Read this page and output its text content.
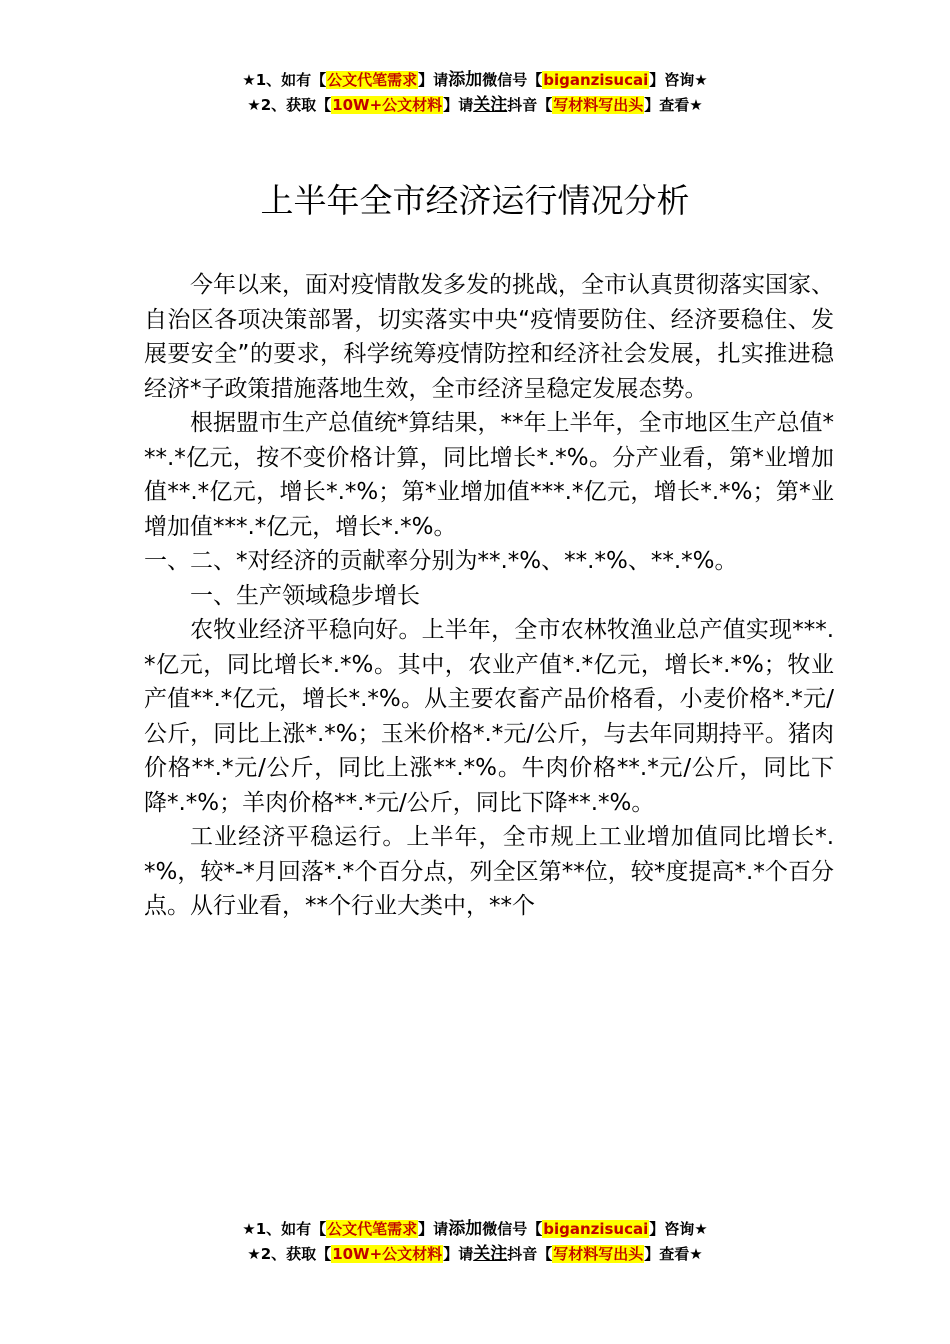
★1、如有【公文代笔需求】请添加微信号【biganzisucai】咨询★
★2、获取【10W+公文材料】请关注抖音【写材料写出头】查看★
上半年全市经济运行情况分析

今年以来，面对疫情散发多发的挑战，全市认真贯彻落实国家、自治区各项决策部署，切实落实中央“疫情要防住、经济要稳住、发展要安全”的要求，科学统筹疫情防控和经济社会发展，扎实推进稳经济*子政策措施落地生效，全市经济呈稳定发展态势。

根据盟市生产总值统*算结果，**年上半年，全市地区生产总值***.*亿元，按不变价格计算，同比增长*.*%。分产业看，第*业增加值**.*亿元，增长*.*%；第*业增加值***.*亿元，增长*.*%；第*业增加值***.*亿元，增长*.*%。

一、二、*对经济的贡献率分别为**.*%、**.*%、**.*%。

一、生产领域稳步增长

农牧业经济平稳向好。上半年，全市农林牧渔业总产值实现***.*亿元，同比增长*.*%。其中，农业产值*.*亿元，增长*.*%；牧业产值**.*亿元，增长*.*%。从主要农畜产品价格看，小麦价格*.*元/公斤，同比上涨*.*%；玉米价格*.*元/公斤，与去年同期持平。猪肉价格**.*元/公斤，同比上涨**.*%。牛肉价格**.*元/公斤，同比下降*.*%；羊肉价格**.*元/公斤，同比下降**.*%。

工业经济平稳运行。上半年，全市规上工业增加值同比增长*.*%，较*-*月回落*.*个百分点，列全区第**位，较*度提高*.*个百分点。从行业看，**个行业大类中，**个

★1、如有【公文代笔需求】请添加微信号【biganzisucai】咨询★
★2、获取【10W+公文材料】请关注抖音【写材料写出头】查看★
